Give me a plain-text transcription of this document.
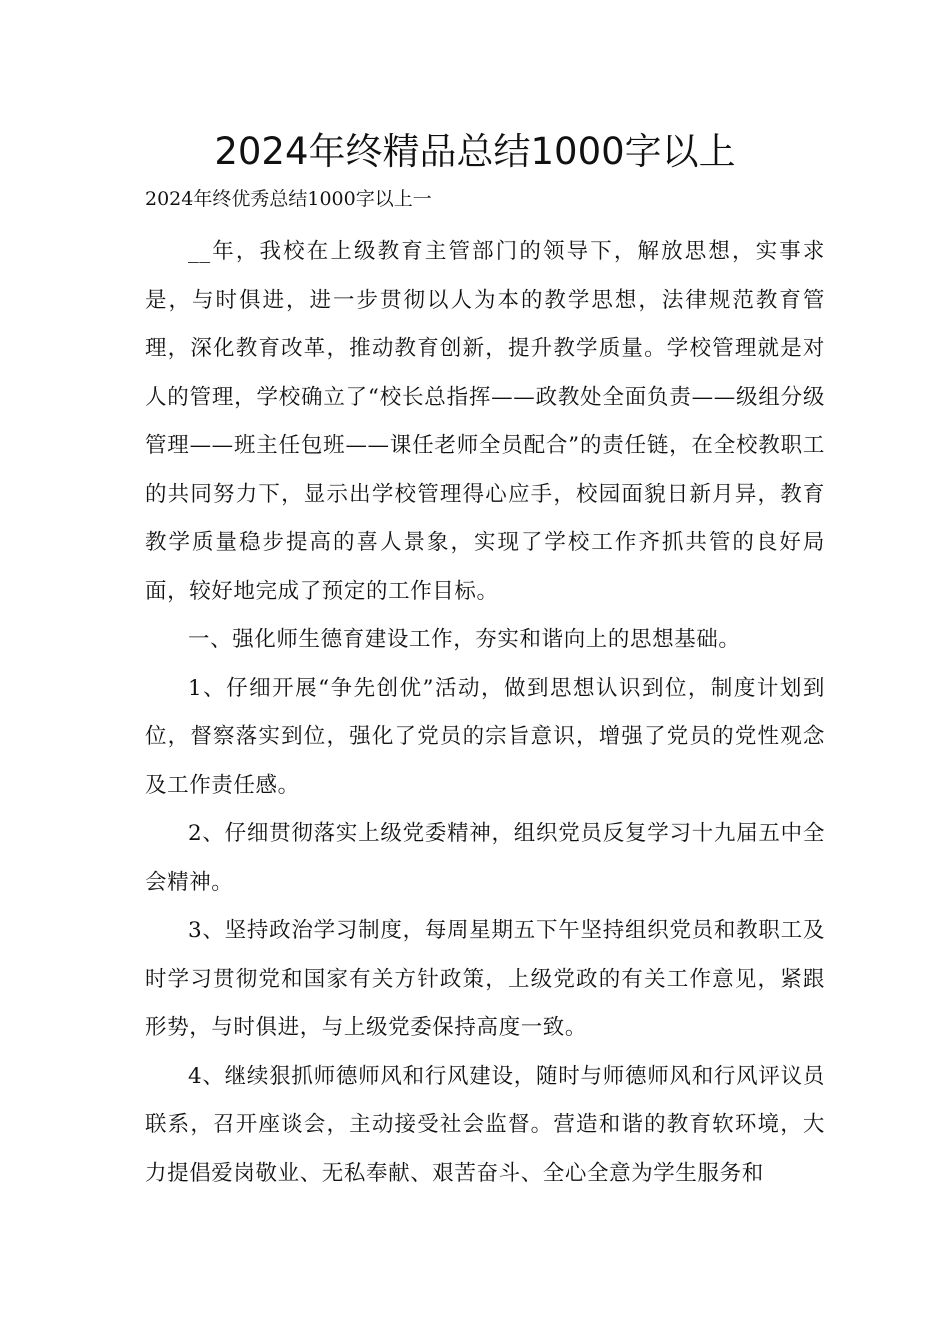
2024年终精品总结1000字以上
2024年终优秀总结1000字以上一

__年，我校在上级教育主管部门的领导下，解放思想，实事求是，与时俱进，进一步贯彻以人为本的教学思想，法律规范教育管理，深化教育改革，推动教育创新，提升教学质量。学校管理就是对人的管理，学校确立了“校长总指挥——政教处全面负责——级组分级管理——班主任包班——课任老师全员配合”的责任链，在全校教职工的共同努力下，显示出学校管理得心应手，校园面貌日新月异，教育教学质量稳步提高的喜人景象，实现了学校工作齐抓共管的良好局面，较好地完成了预定的工作目标。

一、强化师生德育建设工作，夯实和谐向上的思想基础。

1、仔细开展“争先创优”活动，做到思想认识到位，制度计划到位，督察落实到位，强化了党员的宗旨意识，增强了党员的党性观念及工作责任感。

2、仔细贯彻落实上级党委精神，组织党员反复学习十九届五中全会精神。

3、坚持政治学习制度，每周星期五下午坚持组织党员和教职工及时学习贯彻党和国家有关方针政策，上级党政的有关工作意见，紧跟形势，与时俱进，与上级党委保持高度一致。

4、继续狠抓师德师风和行风建设，随时与师德师风和行风评议员联系，召开座谈会，主动接受社会监督。营造和谐的教育软环境，大力提倡爱岗敬业、无私奉献、艰苦奋斗、全心全意为学生服务和
